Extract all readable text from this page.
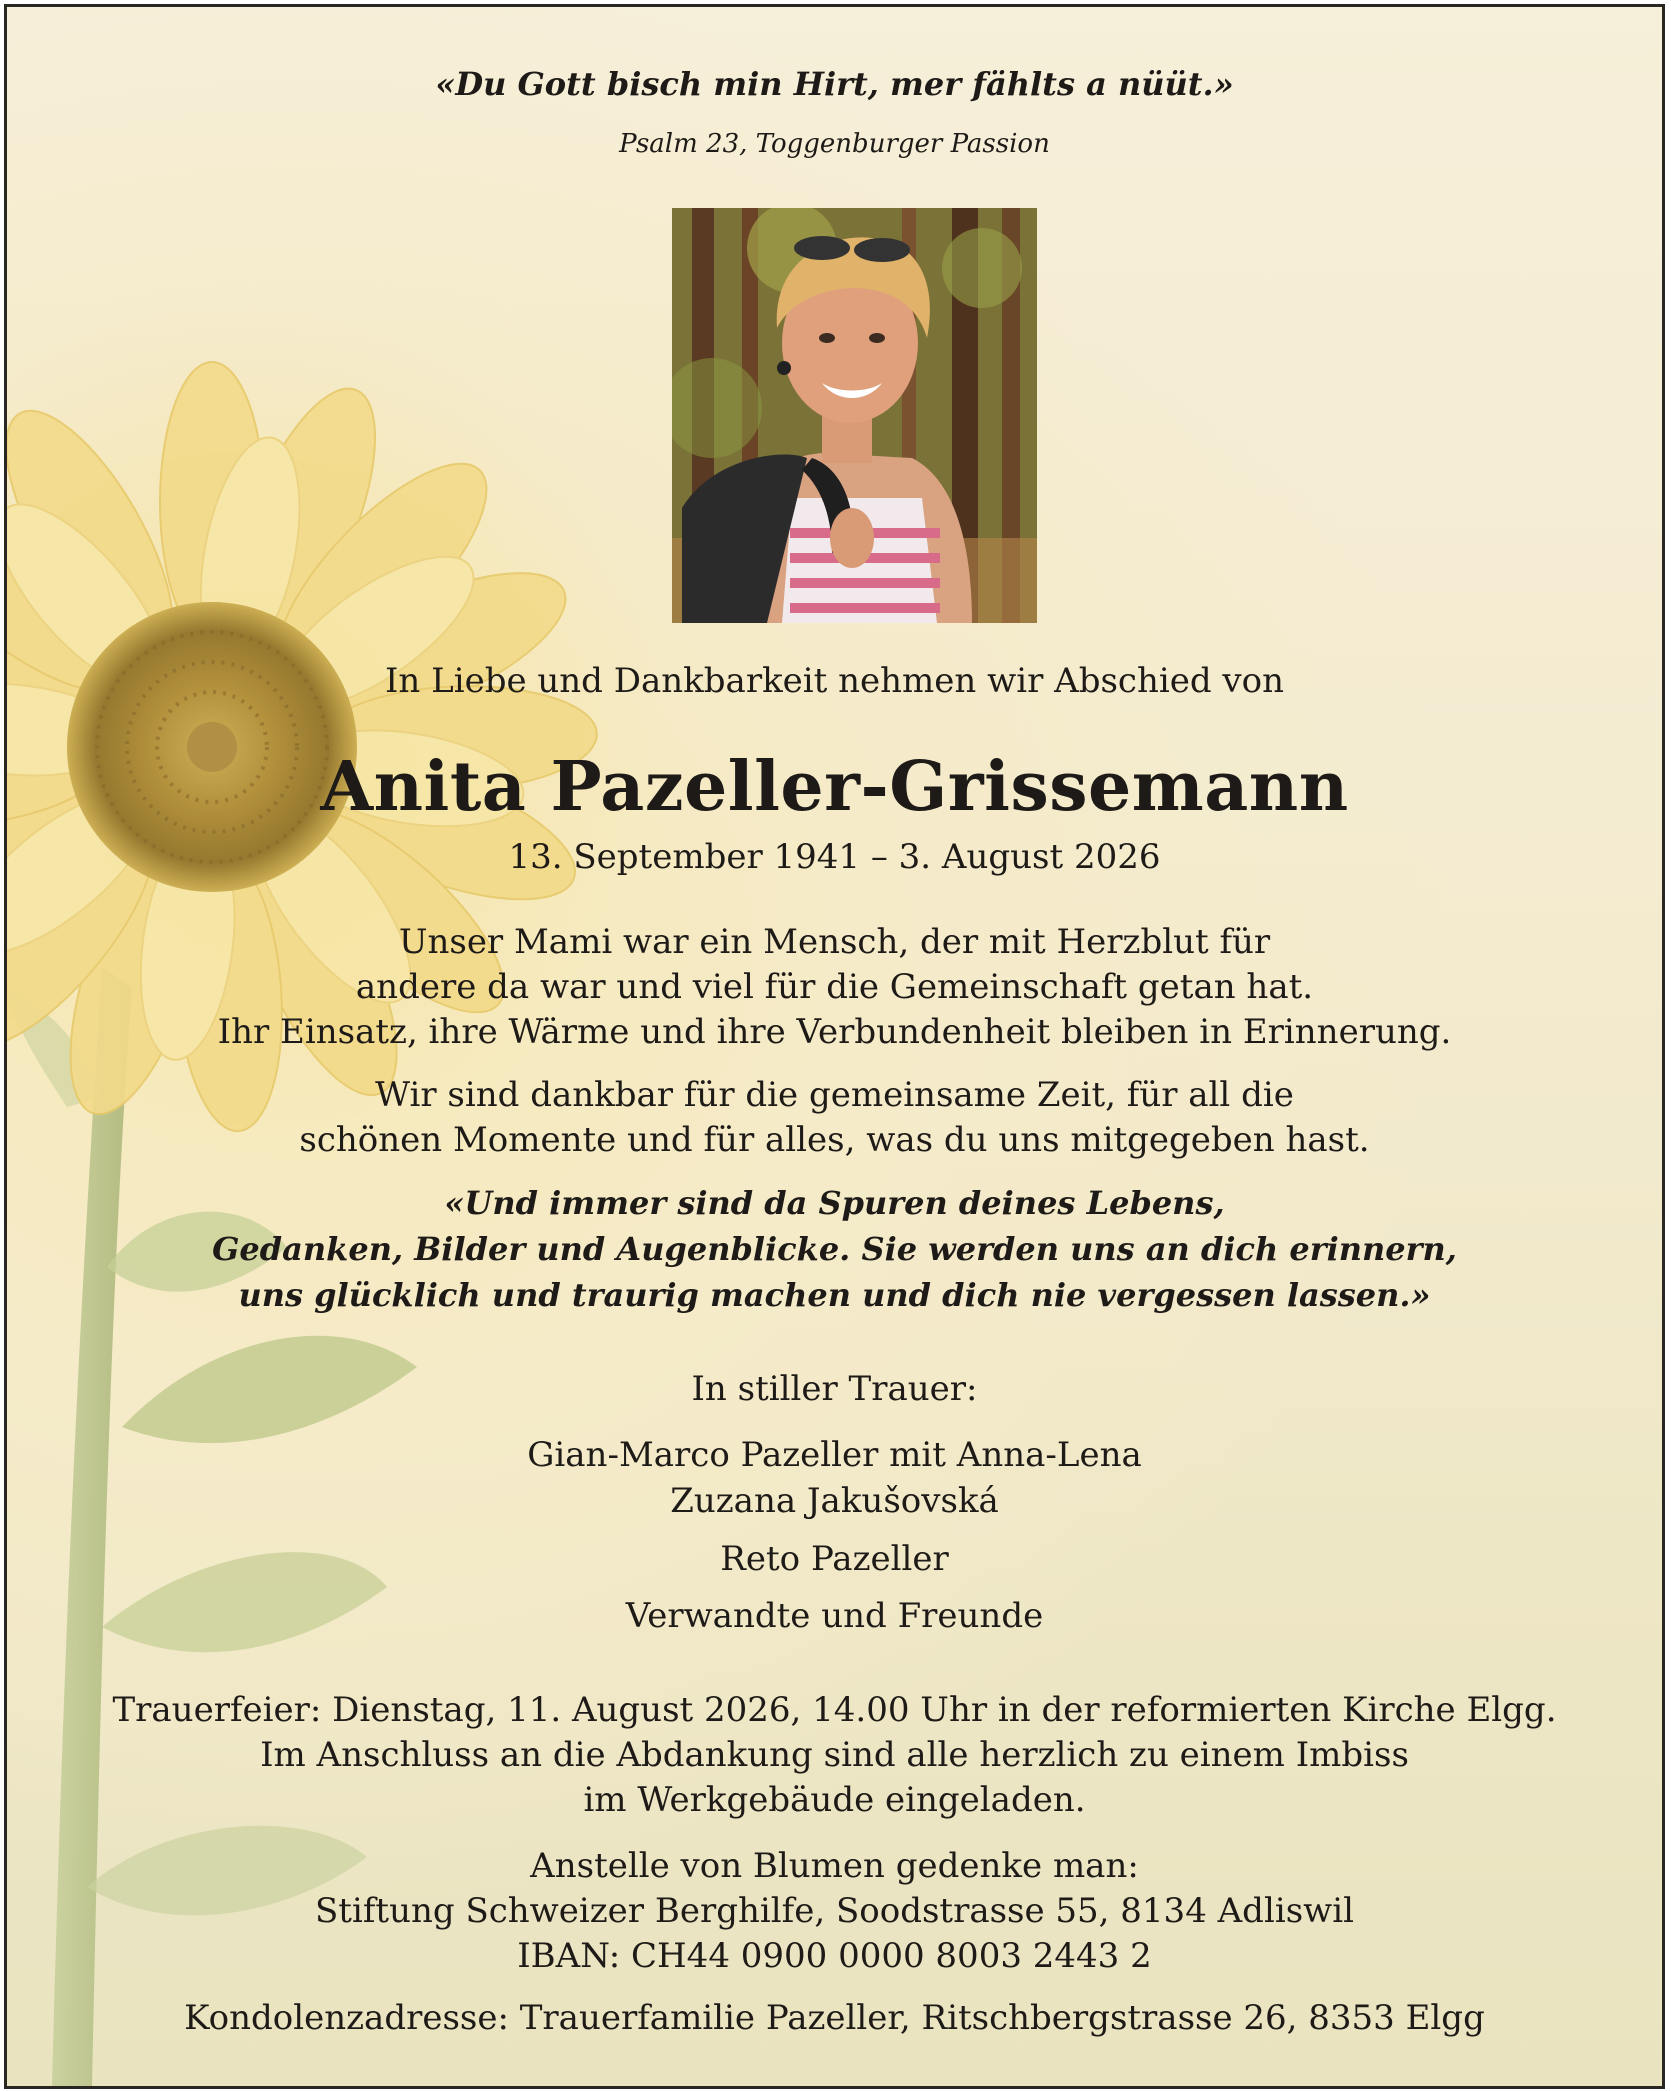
«Du Gott bisch min Hirt, mer fählts a nüüt.»
Psalm 23, Toggenburger Passion
In Liebe und Dankbarkeit nehmen wir Abschied von
Anita Pazeller-Grissemann
13. September 1941 – 3. August 2026
Unser Mami war ein Mensch, der mit Herzblut für
andere da war und viel für die Gemeinschaft getan hat.
Ihr Einsatz, ihre Wärme und ihre Verbundenheit bleiben in Erinnerung.
Wir sind dankbar für die gemeinsame Zeit, für all die
schönen Momente und für alles, was du uns mitgegeben hast.
«Und immer sind da Spuren deines Lebens,
Gedanken, Bilder und Augenblicke. Sie werden uns an dich erinnern,
uns glücklich und traurig machen und dich nie vergessen lassen.»
In stiller Trauer:
Gian-Marco Pazeller mit Anna-Lena
Zuzana Jakušovská
Reto Pazeller
Verwandte und Freunde
Trauerfeier: Dienstag, 11. August 2026, 14.00 Uhr in der reformierten Kirche Elgg.
Im Anschluss an die Abdankung sind alle herzlich zu einem Imbiss
im Werkgebäude eingeladen.
Anstelle von Blumen gedenke man:
Stiftung Schweizer Berghilfe, Soodstrasse 55, 8134 Adliswil
IBAN: CH44 0900 0000 8003 2443 2
Kondolenzadresse: Trauerfamilie Pazeller, Ritschbergstrasse 26, 8353 Elgg
